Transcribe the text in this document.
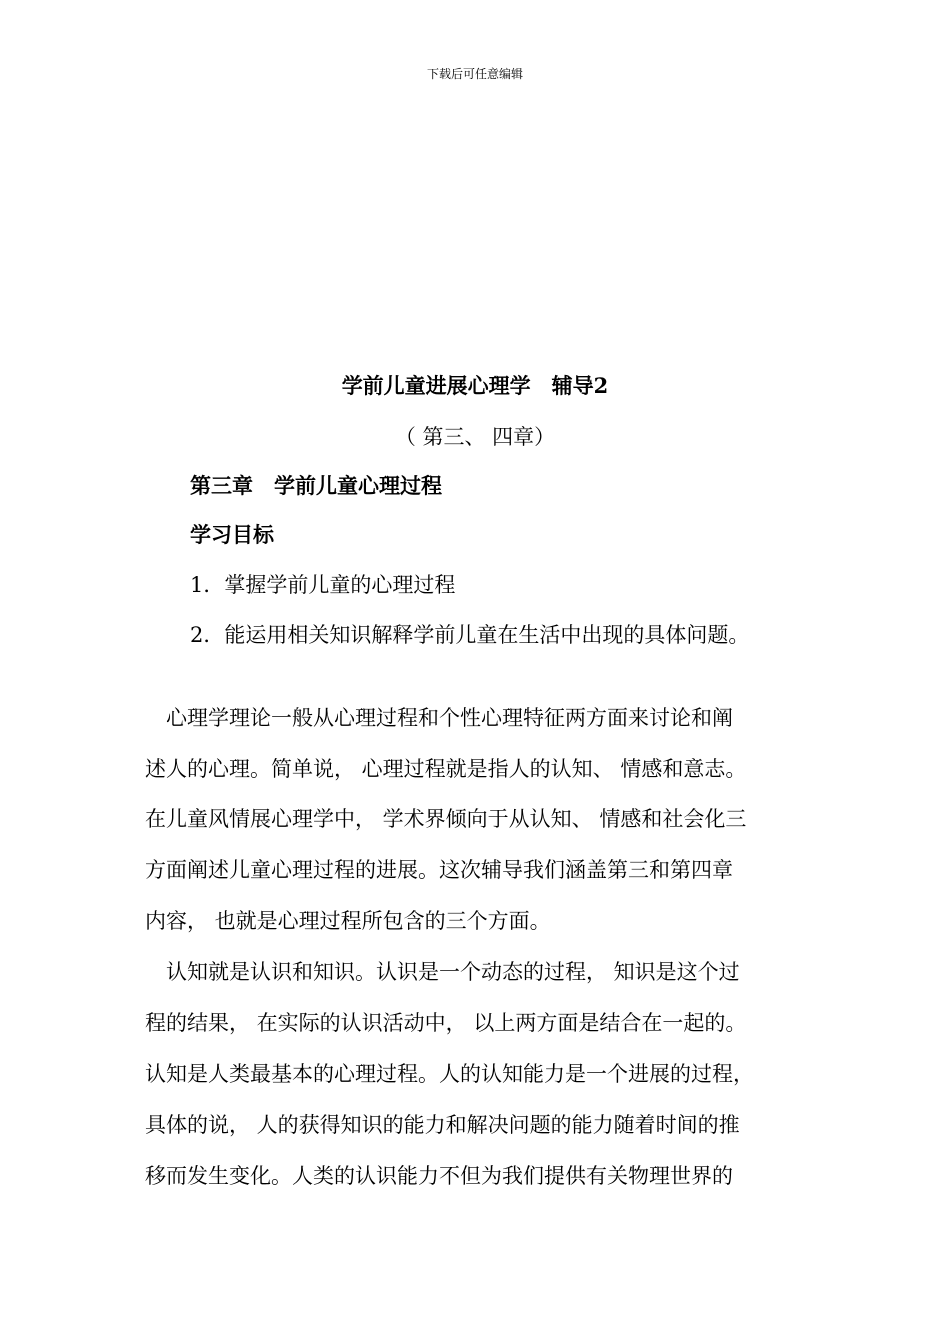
下载后可任意编辑
学前儿童进展心理学　辅导2
（ 第三、 四章）
第三章　学前儿童心理过程
学习目标
1．掌握学前儿童的心理过程
2．能运用相关知识解释学前儿童在生活中出现的具体问题。
　心理学理论一般从心理过程和个性心理特征两方面来讨论和阐
述人的心理。简单说， 心理过程就是指人的认知、 情感和意志。
在儿童风情展心理学中， 学术界倾向于从认知、 情感和社会化三
方面阐述儿童心理过程的进展。这次辅导我们涵盖第三和第四章
内容， 也就是心理过程所包含的三个方面。
　认知就是认识和知识。认识是一个动态的过程， 知识是这个过
程的结果， 在实际的认识活动中， 以上两方面是结合在一起的。
认知是人类最基本的心理过程。人的认知能力是一个进展的过程，
具体的说， 人的获得知识的能力和解决问题的能力随着时间的推
移而发生变化。人类的认识能力不但为我们提供有关物理世界的
